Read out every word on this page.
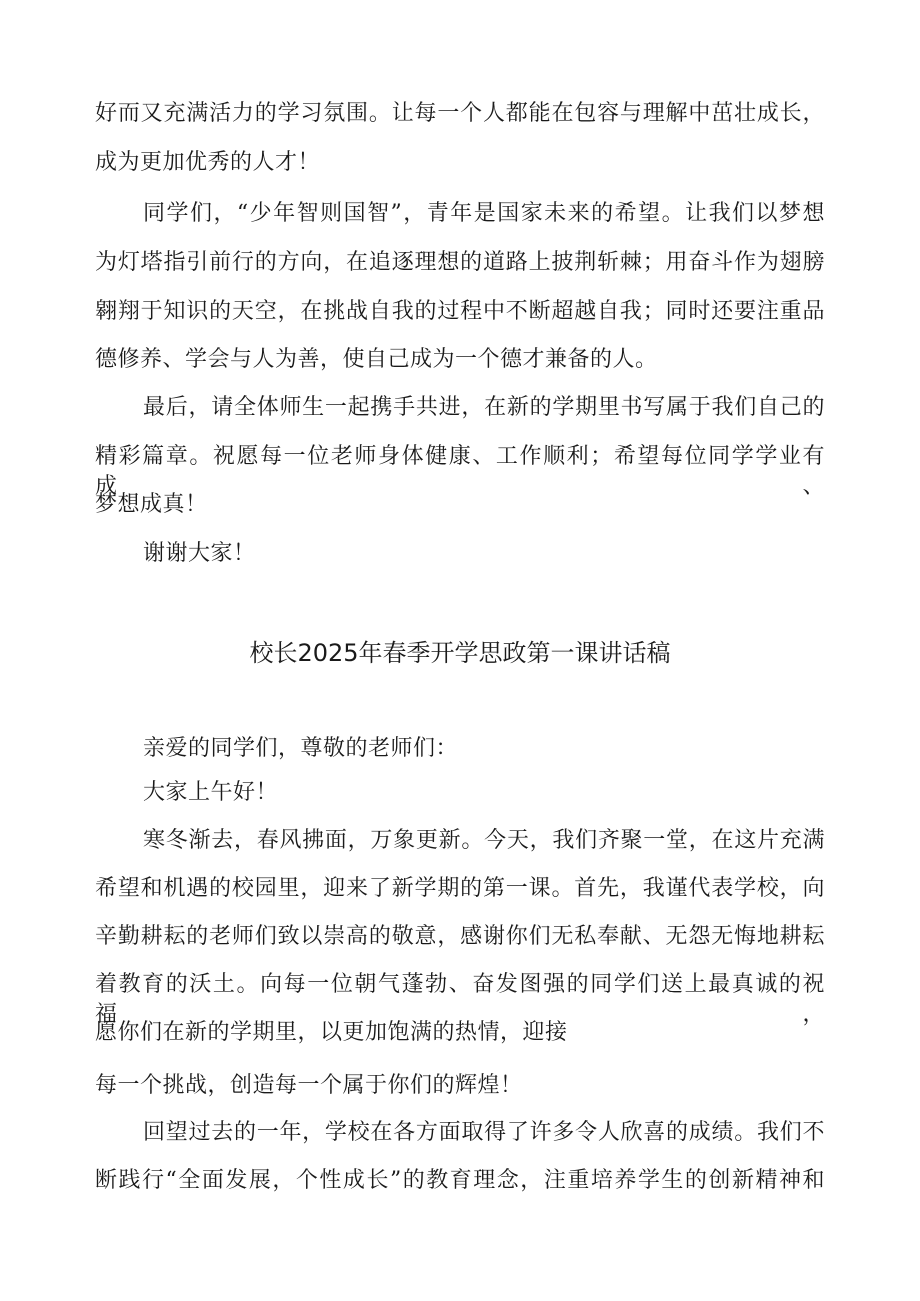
好而又充满活力的学习氛围。让每一个人都能在包容与理解中茁壮成长，
成为更加优秀的人才！
同学们，“少年智则国智”，青年是国家未来的希望。让我们以梦想
为灯塔指引前行的方向，在追逐理想的道路上披荆斩棘；用奋斗作为翅膀
翱翔于知识的天空，在挑战自我的过程中不断超越自我；同时还要注重品
德修养、学会与人为善，使自己成为一个德才兼备的人。
最后，请全体师生一起携手共进，在新的学期里书写属于我们自己的
精彩篇章。祝愿每一位老师身体健康、工作顺利；希望每位同学学业有成、
梦想成真！
谢谢大家！
校长2025年春季开学思政第一课讲话稿
亲爱的同学们，尊敬的老师们：
大家上午好！
寒冬渐去，春风拂面，万象更新。今天，我们齐聚一堂，在这片充满
希望和机遇的校园里，迎来了新学期的第一课。首先，我谨代表学校，向
辛勤耕耘的老师们致以崇高的敬意，感谢你们无私奉献、无怨无悔地耕耘
着教育的沃土。向每一位朝气蓬勃、奋发图强的同学们送上最真诚的祝福，
愿你们在新的学期里，以更加饱满的热情，迎接
每一个挑战，创造每一个属于你们的辉煌！
回望过去的一年，学校在各方面取得了许多令人欣喜的成绩。我们不
断践行“全面发展，个性成长”的教育理念，注重培养学生的创新精神和
